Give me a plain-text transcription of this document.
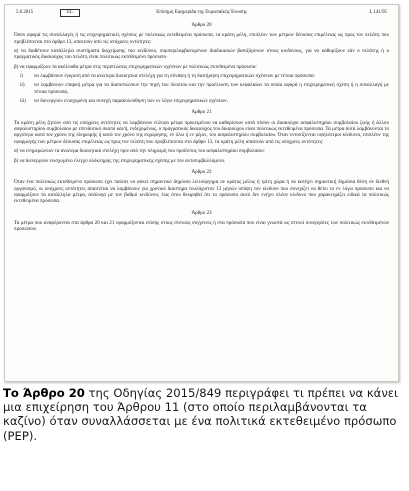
5.6.2015	EL	Επίσημη Εφημερίδα της Ευρωπαϊκής Ένωσης	L 141/95
Άρθρο 20
Όσον αφορά τις συναλλαγές ή τις επιχειρηματικές σχέσεις με πολιτικώς εκτεθειμένα πρόσωπα, τα κράτη μέλη, επιπλέον των μέτρων δέουσας επιμέλειας ως προς τον πελάτη που προβλέπονται στο άρθρο 13, απαιτούν από τις υπόχρεες οντότητες:
α) να διαθέτουν κατάλληλα συστήματα διαχείρισης του κινδύνου, συμπεριλαμβανομένων διαδικασιών βασιζόμενων στους κινδύνους, για να καθορίζουν εάν ο πελάτης ή ο πραγματικός δικαιούχος του πελάτη είναι πολιτικώς εκτεθειμένο πρόσωπο·
β) να εφαρμόζουν τα ακόλουθα μέτρα στις περιπτώσεις επιχειρηματικών σχέσεων με πολιτικώς εκτεθειμένα πρόσωπα:
i)	να λαμβάνουν έγκριση από τα ανώτερα διοικητικά στελέχη για τη σύναψη ή τη διατήρηση επιχειρηματικών σχέσεων με τέτοια πρόσωπα·
ii)	να λαμβάνουν επαρκή μέτρα για να διαπιστώνουν την πηγή του πλούτου και την προέλευση των κεφαλαίων τα οποία αφορά η επιχειρηματική σχέση ή η συναλλαγή με τέτοια πρόσωπα,
iii)	να διενεργούν ενισχυμένη και συνεχή παρακολούθηση των εν λόγω επιχειρηματικών σχέσεων.
Άρθρο 21
Τα κράτη μέλη ζητούν από τις υπόχρεες οντότητες να λαμβάνουν εύλογα μέτρα προκειμένου να καθορίσουν κατά πόσον οι δικαιούχοι ασφαλιστηρίου συμβολαίου ζωής ή άλλου ασφαλιστηρίου συμβολαίου με επενδυτικό σκοπό και/ή, ενδεχομένως, ο πραγματικός δικαιούχος του δικαιούχου είναι πολιτικώς εκτεθειμένα πρόσωπα. Τα μέτρα αυτά λαμβάνονται το αργότερο κατά τον χρόνο της πληρωμής ή κατά τον χρόνο της εκχώρησης, εν όλω ή εν μέρει, του ασφαλιστηρίου συμβολαίου. Όταν εντοπίζονται υψηλότεροι κίνδυνοι, επιπλέον της εφαρμογής των μέτρων δέουσας επιμέλειας ως προς τον πελάτη που προβλέπονται στο άρθρο 13, τα κράτη μέλη απαιτούν από τις υπόχρεες οντότητες:
α) να ενημερώνουν τα ανώτερα διοικητικά στελέχη πριν από την πληρωμή του προϊόντος του ασφαλιστηρίου συμβολαίου·
β) να διενεργούν ενισχυμένο έλεγχο ολόκληρης της επιχειρηματικής σχέσης με τον αντισυμβαλλόμενο.
Άρθρο 22
Όταν ένα πολιτικώς εκτεθειμένο πρόσωπο έχει παύσει να ασκεί σημαντικό δημόσιο λειτούργημα σε κράτος μέλος ή τρίτη χώρα ή να κατέχει σημαντική δημόσια θέση σε διεθνή οργανισμό, οι υπόχρεες οντότητες απαιτείται να λαμβάνουν για χρονικό διάστημα τουλάχιστον 12 μηνών υπόψη τον κίνδυνο που συνεχίζει να θέτει το εν λόγω πρόσωπο και να εφαρμόζουν τα κατάλληλα μέτρα, ανάλογα με τον βαθμό κινδύνου, έως ότου θεωρηθεί ότι το πρόσωπο αυτό δεν ενέχει πλέον κίνδυνο που χαρακτηρίζει ειδικά τα πολιτικώς εκτεθειμένα πρόσωπα.
Άρθρο 23
Τα μέτρα που αναφέρονται στα άρθρα 20 και 21 εφαρμόζονται επίσης στους στενούς συγγενείς ή στα πρόσωπα που είναι γνωστά ως στενοί συνεργάτες των πολιτικώς εκτεθειμένων προσώπων.
Το Άρθρο 20 της Οδηγίας 2015/849 περιγράφει τι πρέπει να κάνει μια επιχείρηση του Άρθρου 11 (στο οποίο περιλαμβάνονται τα καζίνο) όταν συναλλάσσεται με ένα πολιτικά εκτεθειμένο πρόσωπο (PEP).
